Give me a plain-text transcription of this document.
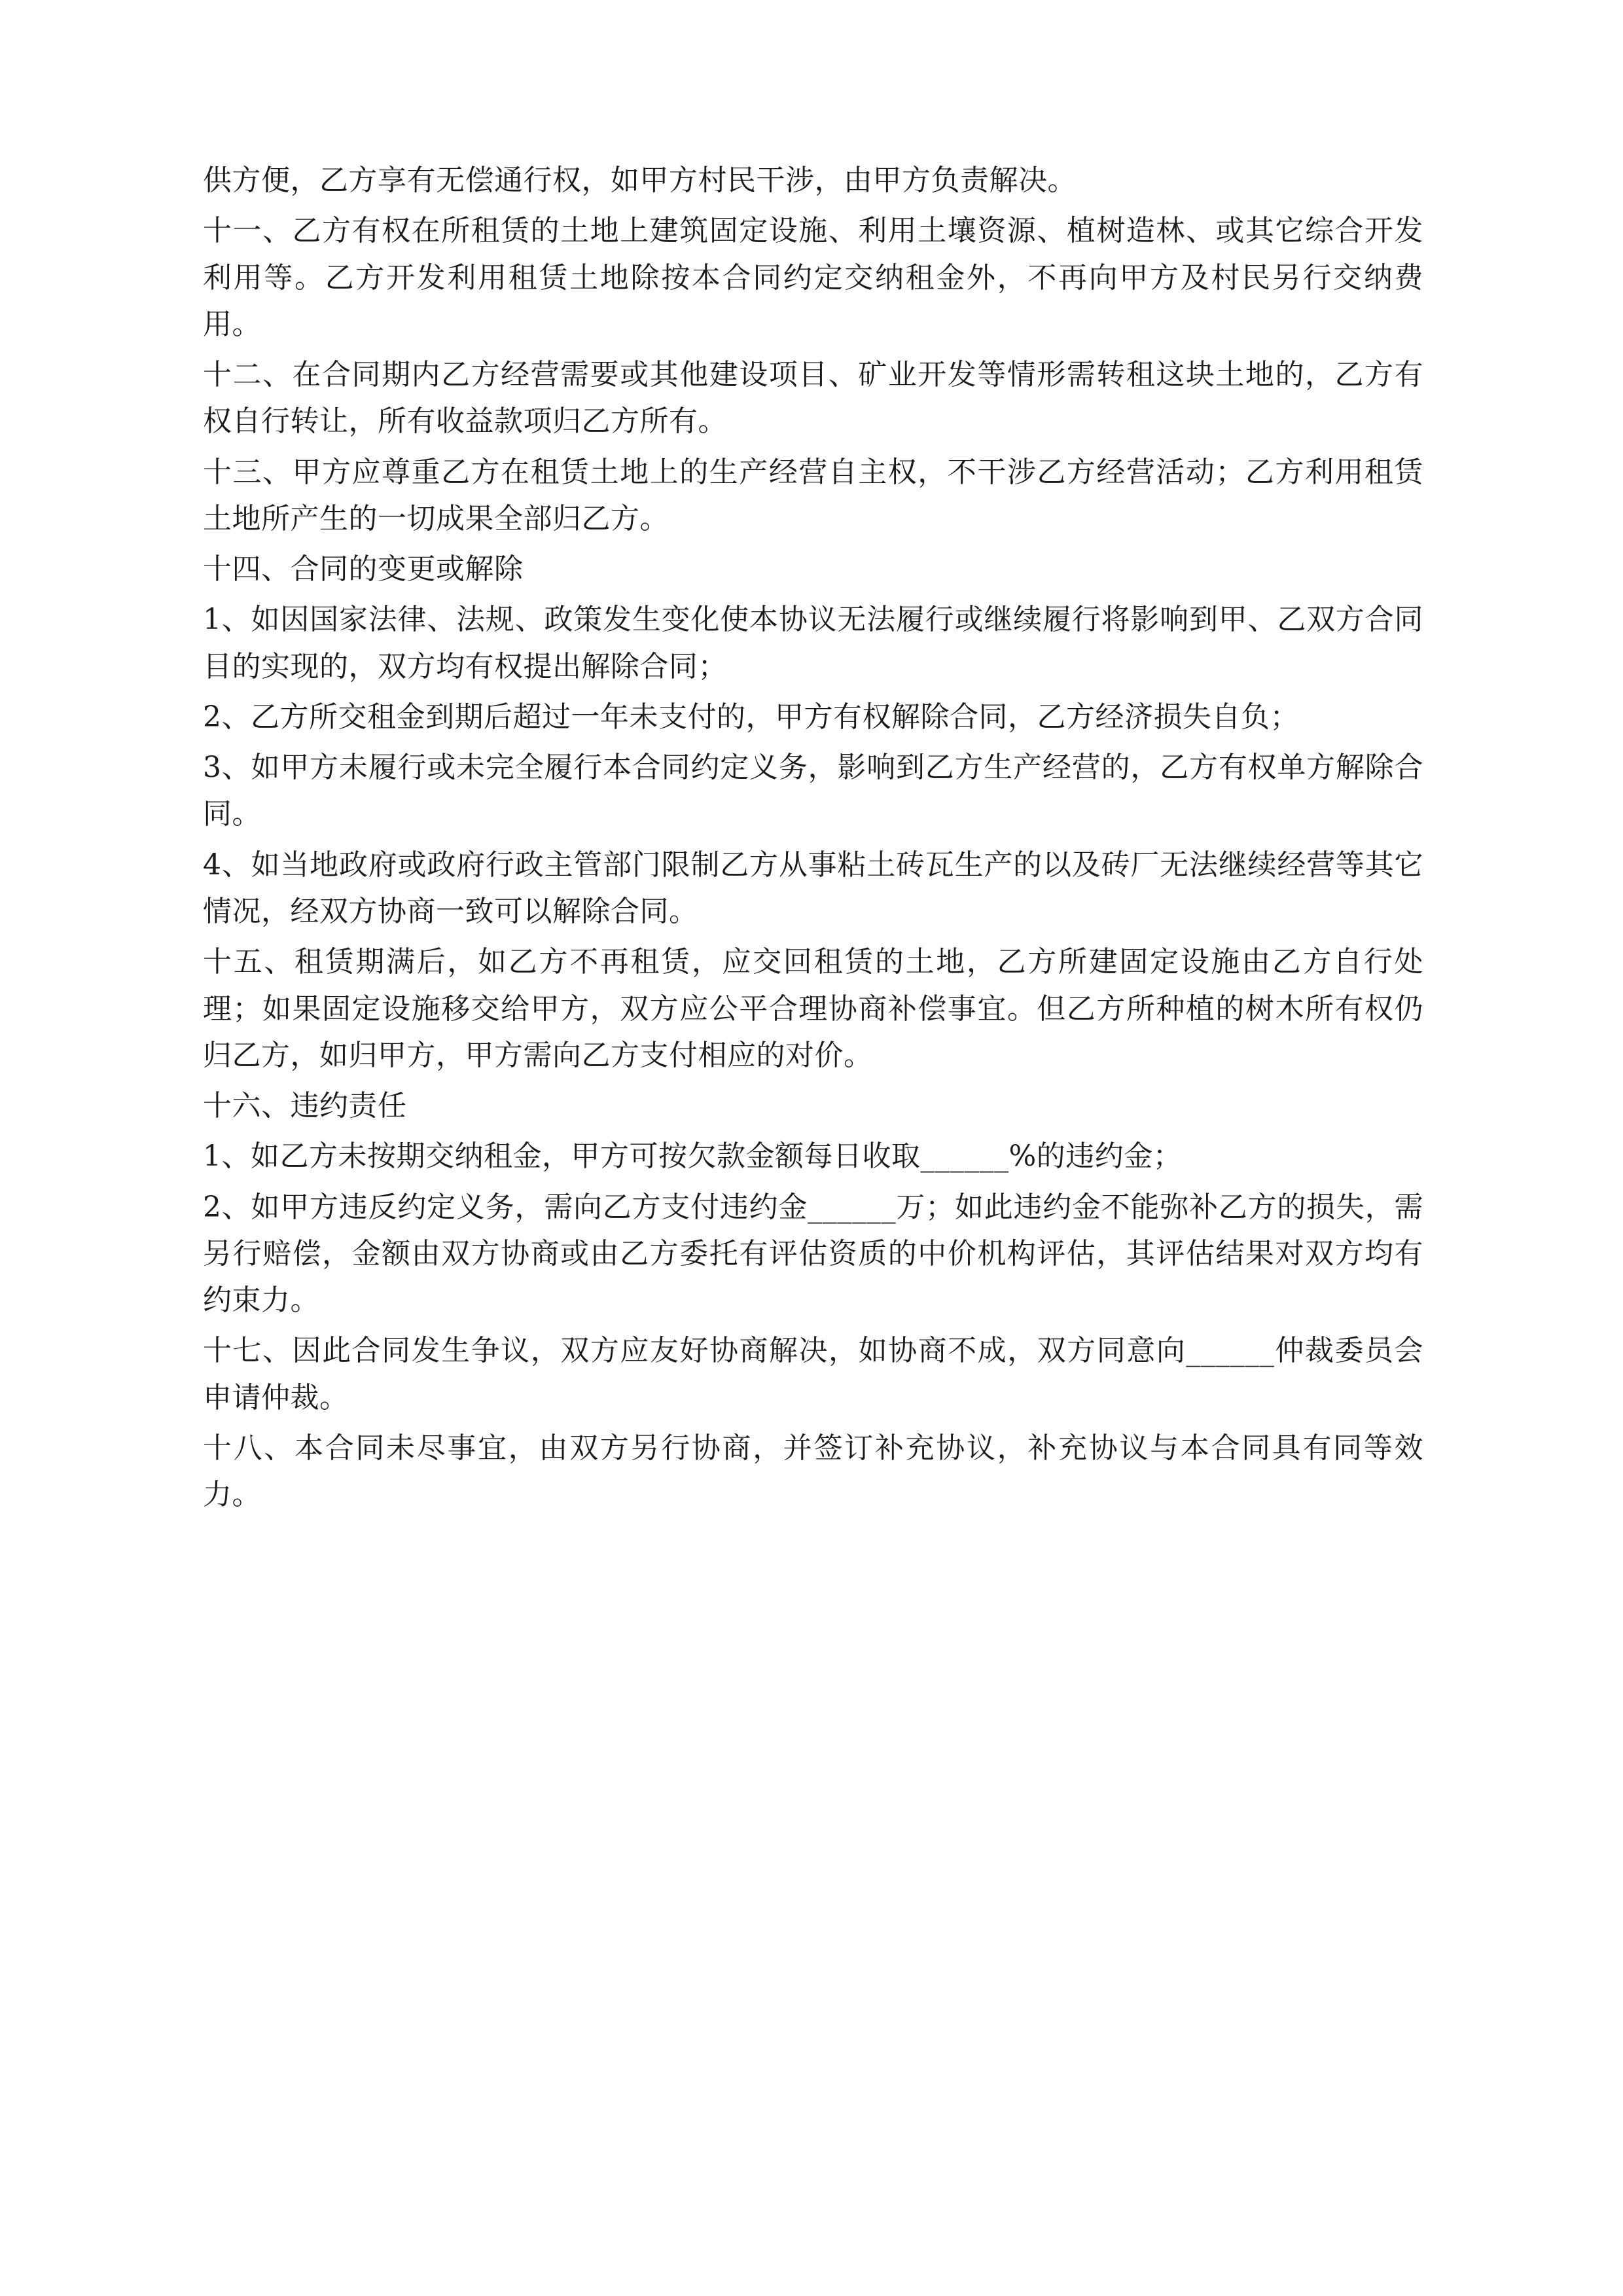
供方便，乙方享有无偿通行权，如甲方村民干涉，由甲方负责解决。

十一、乙方有权在所租赁的土地上建筑固定设施、利用土壤资源、植树造林、或其它综合开发利用等。乙方开发利用租赁土地除按本合同约定交纳租金外，不再向甲方及村民另行交纳费用。

十二、在合同期内乙方经营需要或其他建设项目、矿业开发等情形需转租这块土地的，乙方有权自行转让，所有收益款项归乙方所有。

十三、甲方应尊重乙方在租赁土地上的生产经营自主权，不干涉乙方经营活动；乙方利用租赁土地所产生的一切成果全部归乙方。

十四、合同的变更或解除

1、如因国家法律、法规、政策发生变化使本协议无法履行或继续履行将影响到甲、乙双方合同目的实现的，双方均有权提出解除合同；

2、乙方所交租金到期后超过一年未支付的，甲方有权解除合同，乙方经济损失自负；

3、如甲方未履行或未完全履行本合同约定义务，影响到乙方生产经营的，乙方有权单方解除合同。

4、如当地政府或政府行政主管部门限制乙方从事粘土砖瓦生产的以及砖厂无法继续经营等其它情况，经双方协商一致可以解除合同。

十五、租赁期满后，如乙方不再租赁，应交回租赁的土地，乙方所建固定设施由乙方自行处理；如果固定设施移交给甲方，双方应公平合理协商补偿事宜。但乙方所种植的树木所有权仍归乙方，如归甲方，甲方需向乙方支付相应的对价。

十六、违约责任

1、如乙方未按期交纳租金，甲方可按欠款金额每日收取______%的违约金；

2、如甲方违反约定义务，需向乙方支付违约金______万；如此违约金不能弥补乙方的损失，需另行赔偿，金额由双方协商或由乙方委托有评估资质的中价机构评估，其评估结果对双方均有约束力。

十七、因此合同发生争议，双方应友好协商解决，如协商不成，双方同意向______仲裁委员会申请仲裁。

十八、本合同未尽事宜，由双方另行协商，并签订补充协议，补充协议与本合同具有同等效力。
